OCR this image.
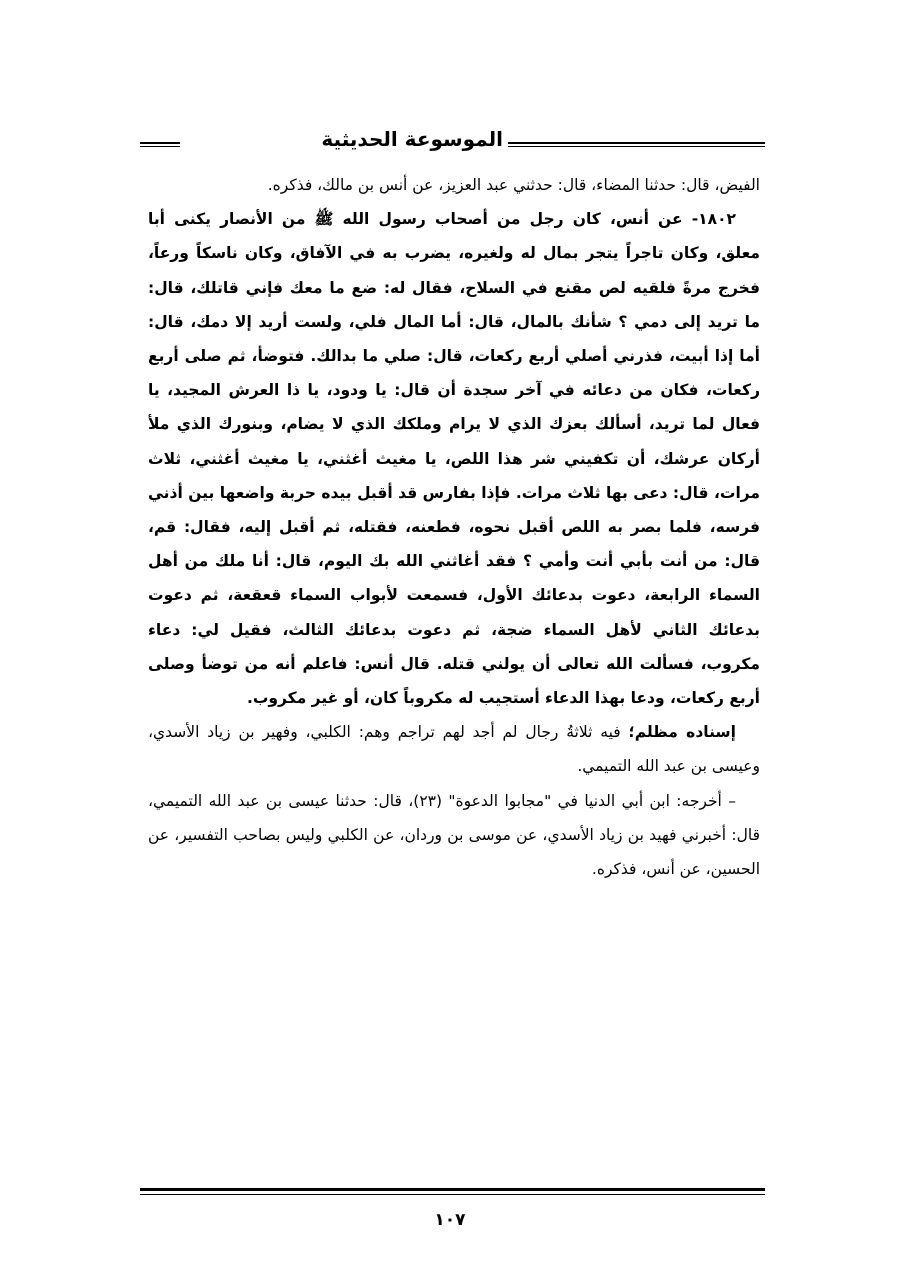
الموسوعة الحديثية

الفيض، قال: حدثنا المضاء، قال: حدثني عبد العزيز، عن أنس بن مالك، فذكره.

١٨٠٢- عن أنس، كان رجل من أصحاب رسول الله ﷺ من الأنصار يكنى أبا معلق، وكان تاجراً يتجر بمال له ولغيره، يضرب به في الآفاق، وكان ناسكاً ورعاً، فخرج مرةً فلقيه لص مقنع في السلاح، فقال له: ضع ما معك فإني قاتلك، قال: ما تريد إلى دمي ؟ شأنك بالمال، قال: أما المال فلي، ولست أريد إلا دمك، قال: أما إذا أبيت، فذرني أصلي أربع ركعات، قال: صلي ما بدالك. فتوضأ، ثم صلى أربع ركعات، فكان من دعائه في آخر سجدة أن قال: يا ودود، يا ذا العرش المجيد، يا فعال لما تريد، أسألك بعزك الذي لا يرام وملكك الذي لا يضام، وبنورك الذي ملأ أركان عرشك، أن تكفيني شر هذا اللص، يا مغيث أغثني، يا مغيث أغثني، ثلاث مرات، قال: دعى بها ثلاث مرات. فإذا بفارس قد أقبل بيده حربة واضعها بين أذني فرسه، فلما بصر به اللص أقبل نحوه، فطعنه، فقتله، ثم أقبل إليه، فقال: قم، قال: من أنت بأبي أنت وأمي ؟ فقد أغاثني الله بك اليوم، قال: أنا ملك من أهل السماء الرابعة، دعوت بدعائك الأول، فسمعت لأبواب السماء قعقعة، ثم دعوت بدعائك الثاني لأهل السماء ضجة، ثم دعوت بدعائك الثالث، فقيل لي: دعاء مكروب، فسألت الله تعالى أن يولني قتله. قال أنس: فاعلم أنه من توضأ وصلى أربع ركعات، ودعا بهذا الدعاء أستجيب له مكروباً كان، أو غير مكروب.

إسناده مظلم؛ فيه ثلاثةُ رجال لم أجد لهم تراجم وهم: الكلبي، وفهير بن زياد الأسدي، وعيسى بن عبد الله التميمي.

– أخرجه: ابن أبي الدنيا في "مجابوا الدعوة" (٢٣)، قال: حدثنا عيسى بن عبد الله التميمي، قال: أخبرني فهيد بن زياد الأسدي، عن موسى بن وردان، عن الكلبي وليس بصاحب التفسير، عن الحسين، عن أنس، فذكره.

١٠٧
